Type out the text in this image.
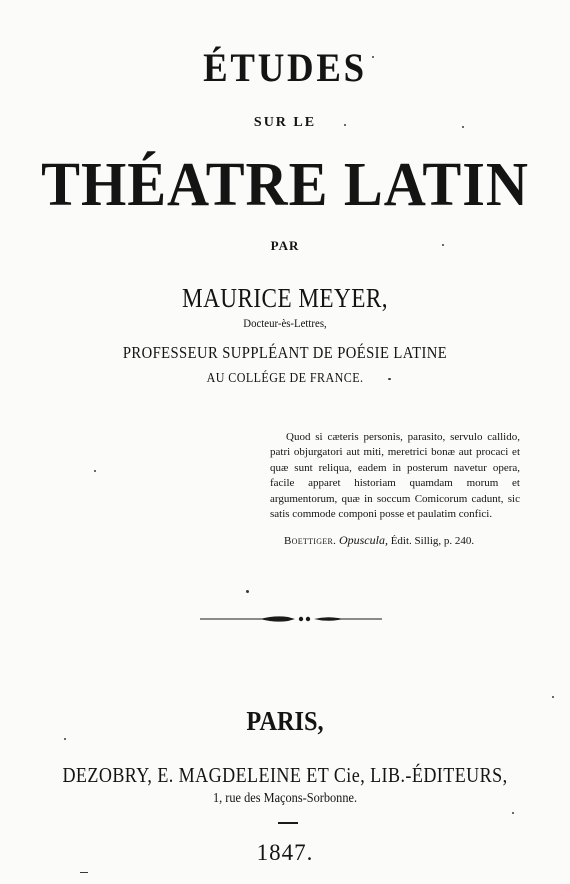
ÉTUDES
SUR LE
THÉATRE LATIN
PAR
MAURICE MEYER,
Docteur-ès-Lettres,
PROFESSEUR SUPPLÉANT DE POÉSIE LATINE
AU COLLÉGE DE FRANCE.

Quod si cæteris personis, parasito, servulo callido, patri objurgatori aut miti, meretrici bonæ aut procaci et quæ sunt reliqua, eadem in posterum navetur opera, facile apparet historiam quamdam morum et argumentorum, quæ in soccum Comicorum cadunt, sic satis commode componi posse et paulatim confici.

Boettiger. Opuscula, Édit. Sillig, p. 240.

PARIS,
DEZOBRY, E. MAGDELEINE ET Cie, LIB.-ÉDITEURS,
1, rue des Maçons-Sorbonne.
1847.
